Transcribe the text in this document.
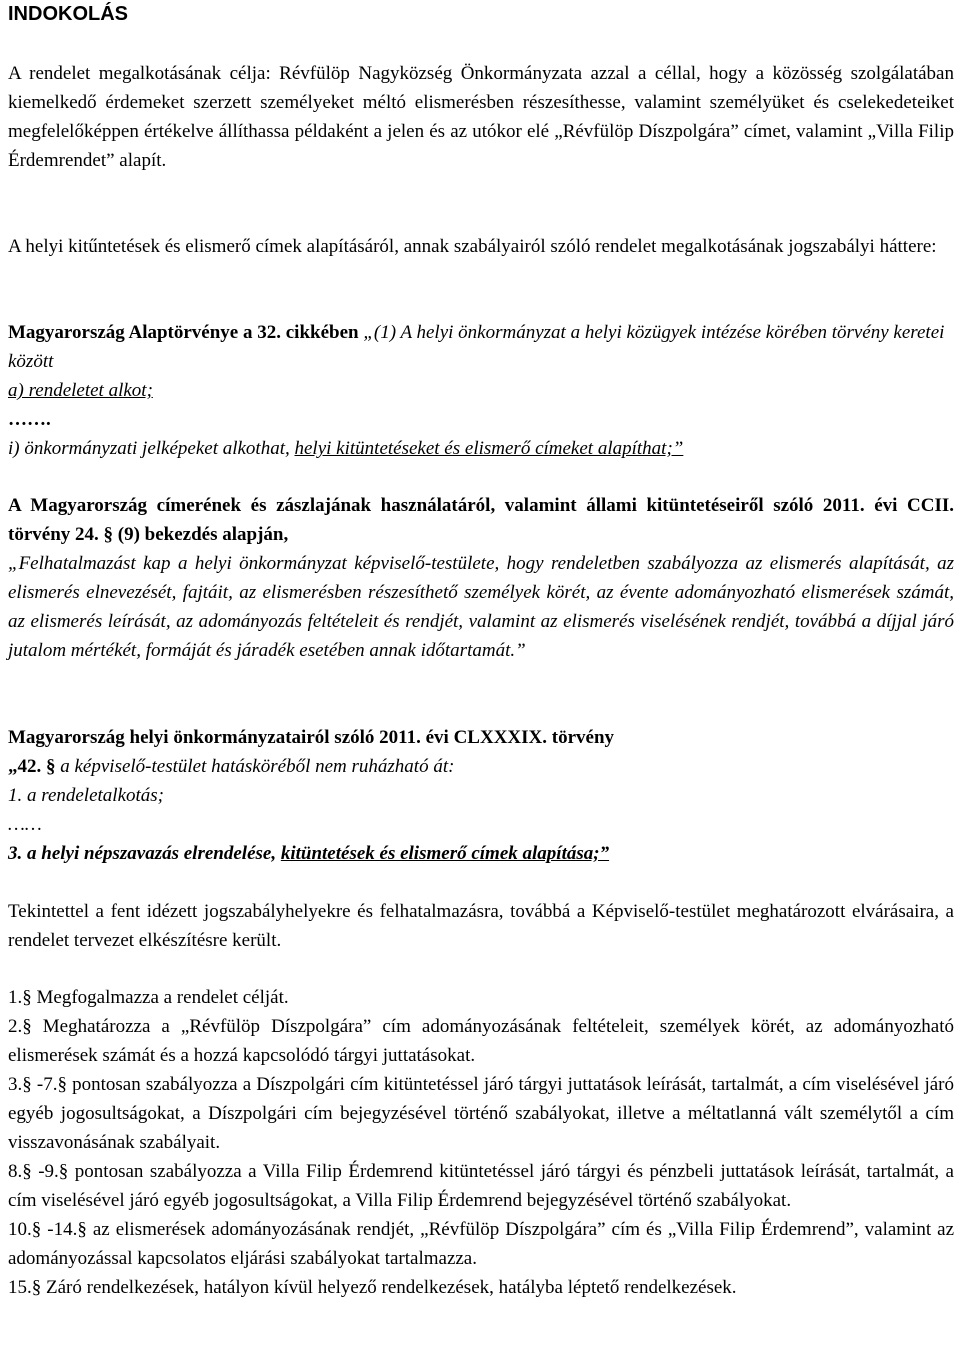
INDOKOLÁS

A rendelet megalkotásának célja: Révfülöp Nagyközség Önkormányzata azzal a céllal, hogy a közösség szolgálatában kiemelkedő érdemeket szerzett személyeket méltó elismerésben részesíthesse, valamint személyüket és cselekedeteiket megfelelőképpen értékelve állíthassa példaként a jelen és az utókor elé „Révfülöp Díszpolgára” címet, valamint „Villa Filip Érdemrendet” alapít.

A helyi kitűntetések és elismerő címek alapításáról, annak szabályairól szóló rendelet megalkotásának jogszabályi háttere:

Magyarország Alaptörvénye a 32. cikkében „(1) A helyi önkormányzat a helyi közügyek intézése körében törvény keretei között
a) rendeletet alkot;
…….
i) önkormányzati jelképeket alkothat, helyi kitüntetéseket és elismerő címeket alapíthat;”

A Magyarország címerének és zászlajának használatáról, valamint állami kitüntetéseiről szóló 2011. évi CCII. törvény 24. § (9) bekezdés alapján,

„Felhatalmazást kap a helyi önkormányzat képviselő-testülete, hogy rendeletben szabályozza az elismerés alapítását, az elismerés elnevezését, fajtáit, az elismerésben részesíthető személyek körét, az évente adományozható elismerések számát, az elismerés leírását, az adományozás feltételeit és rendjét, valamint az elismerés viselésének rendjét, továbbá a díjjal járó jutalom mértékét, formáját és járadék esetében annak időtartamát.”

Magyarország helyi önkormányzatairól szóló 2011. évi CLXXXIX. törvény
„42. § a képviselő-testület hatásköréből nem ruházható át:
1. a rendeletalkotás;
……
3. a helyi népszavazás elrendelése, kitüntetések és elismerő címek alapítása;”

Tekintettel a fent idézett jogszabályhelyekre és felhatalmazásra, továbbá a Képviselő-testület meghatározott elvárásaira, a rendelet tervezet elkészítésre került.

1.§ Megfogalmazza a rendelet célját.

2.§ Meghatározza a „Révfülöp Díszpolgára” cím adományozásának feltételeit, személyek körét, az adományozható elismerések számát és a hozzá kapcsolódó tárgyi juttatásokat.

3.§ -7.§ pontosan szabályozza a Díszpolgári cím kitüntetéssel járó tárgyi juttatások leírását, tartalmát, a cím viselésével járó egyéb jogosultságokat, a Díszpolgári cím bejegyzésével történő szabályokat, illetve a méltatlanná vált személytől a cím visszavonásának szabályait.

8.§ -9.§ pontosan szabályozza a Villa Filip Érdemrend kitüntetéssel járó tárgyi és pénzbeli juttatások leírását, tartalmát, a cím viselésével járó egyéb jogosultságokat, a Villa Filip Érdemrend bejegyzésével történő szabályokat.

10.§ -14.§ az elismerések adományozásának rendjét, „Révfülöp Díszpolgára” cím és „Villa Filip Érdemrend”, valamint az adományozással kapcsolatos eljárási szabályokat tartalmazza.

15.§ Záró rendelkezések, hatályon kívül helyező rendelkezések, hatályba léptető rendelkezések.
